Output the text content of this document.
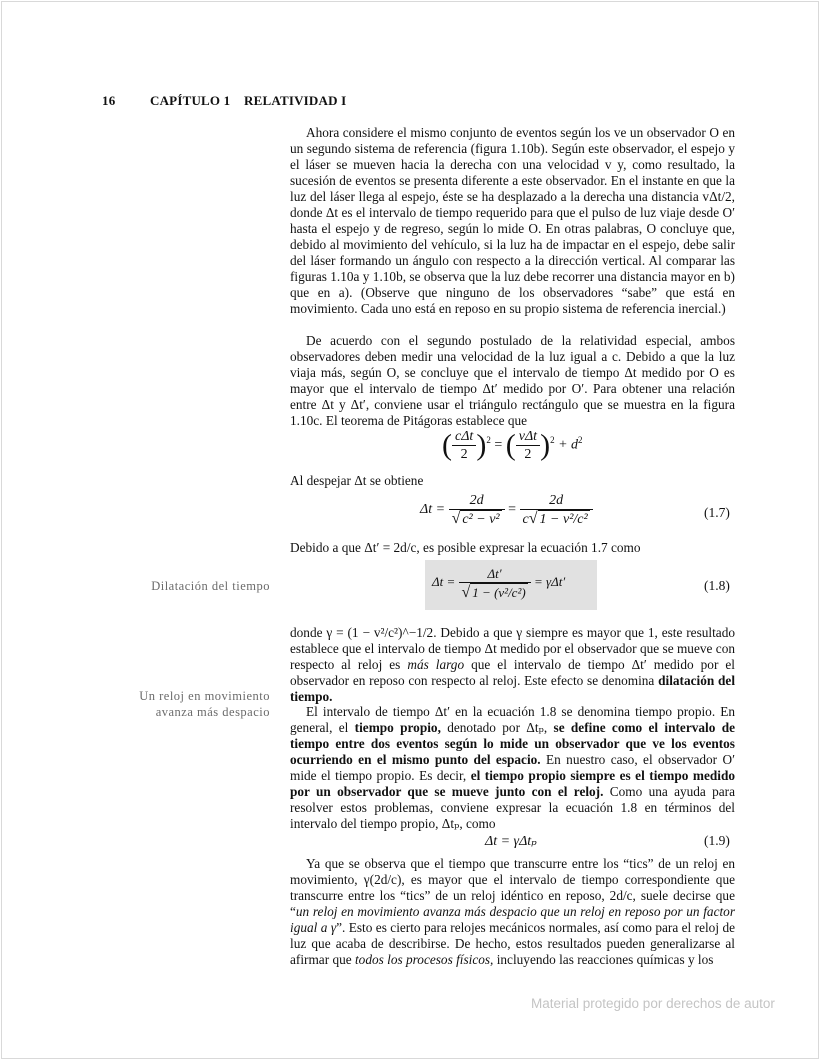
16	CAPÍTULO 1 RELATIVIDAD I

Ahora considere el mismo conjunto de eventos según los ve un observador O en un segundo sistema de referencia (figura 1.10b). Según este observador, el espejo y el láser se mueven hacia la derecha con una velocidad v y, como resultado, la sucesión de eventos se presenta diferente a este observador. En el instante en que la luz del láser llega al espejo, éste se ha desplazado a la derecha una distancia vΔt/2, donde Δt es el intervalo de tiempo requerido para que el pulso de luz viaje desde O′ hasta el espejo y de regreso, según lo mide O. En otras palabras, O concluye que, debido al movimiento del vehículo, si la luz ha de impactar en el espejo, debe salir del láser formando un ángulo con respecto a la dirección vertical. Al comparar las figuras 1.10a y 1.10b, se observa que la luz debe recorrer una distancia mayor en b) que en a). (Observe que ninguno de los observadores “sabe” que está en movimiento. Cada uno está en reposo en su propio sistema de referencia inercial.)

De acuerdo con el segundo postulado de la relatividad especial, ambos observadores deben medir una velocidad de la luz igual a c. Debido a que la luz viaja más, según O, se concluye que el intervalo de tiempo Δt medido por O es mayor que el intervalo de tiempo Δt′ medido por O′. Para obtener una relación entre Δt y Δt′, conviene usar el triángulo rectángulo que se muestra en la figura 1.10c. El teorema de Pitágoras establece que

( $\frac{\text{cΔt}}{2} )^2$ = ( $\frac{\text{vΔt}}{2} )^2 + d^2$

Al despejar Δt se obtiene

$\Delta t = \frac{2d}{\text{√ c² − v²}} = \frac{2d}{\text{c√ 1 − v²/c²}}$	(1.7)

Debido a que Δt′ = 2d/c, es posible expresar la ecuación 1.7 como

$\Delta t = \frac{\Delta t'}{\text{√ 1 − (v²/c²)}} = \gamma\Delta t'$	(1.8)
Dilatación del tiempo

donde γ = (1 − v²/c²)^−1/2. Debido a que γ siempre es mayor que 1, este resultado establece que el intervalo de tiempo Δt medido por el observador que se mueve con respecto al reloj es más largo que el intervalo de tiempo Δt′ medido por el observador en reposo con respecto al reloj. Este efecto se denomina dilatación del tiempo.

Un reloj en movimiento
avanza más despacio	El intervalo de tiempo Δt′ en la ecuación 1.8 se denomina tiempo propio. En general, el tiempo propio, denotado por Δtₚ, se define como el intervalo de tiempo entre dos eventos según lo mide un observador que ve los eventos ocurriendo en el mismo punto del espacio. En nuestro caso, el observador O′ mide el tiempo propio. Es decir, el tiempo propio siempre es el tiempo medido por un observador que se mueve junto con el reloj. Como una ayuda para resolver estos problemas, conviene expresar la ecuación 1.8 en términos del intervalo del tiempo propio, Δtₚ, como

Δt = γΔtₚ	(1.9)

Ya que se observa que el tiempo que transcurre entre los “tics” de un reloj en movimiento, γ(2d/c), es mayor que el intervalo de tiempo correspondiente que transcurre entre los “tics” de un reloj idéntico en reposo, 2d/c, suele decirse que “un reloj en movimiento avanza más despacio que un reloj en reposo por un factor igual a γ”. Esto es cierto para relojes mecánicos normales, así como para el reloj de luz que acaba de describirse. De hecho, estos resultados pueden generalizarse al afirmar que todos los procesos físicos, incluyendo las reacciones químicas y los

Material protegido por derechos de autor
